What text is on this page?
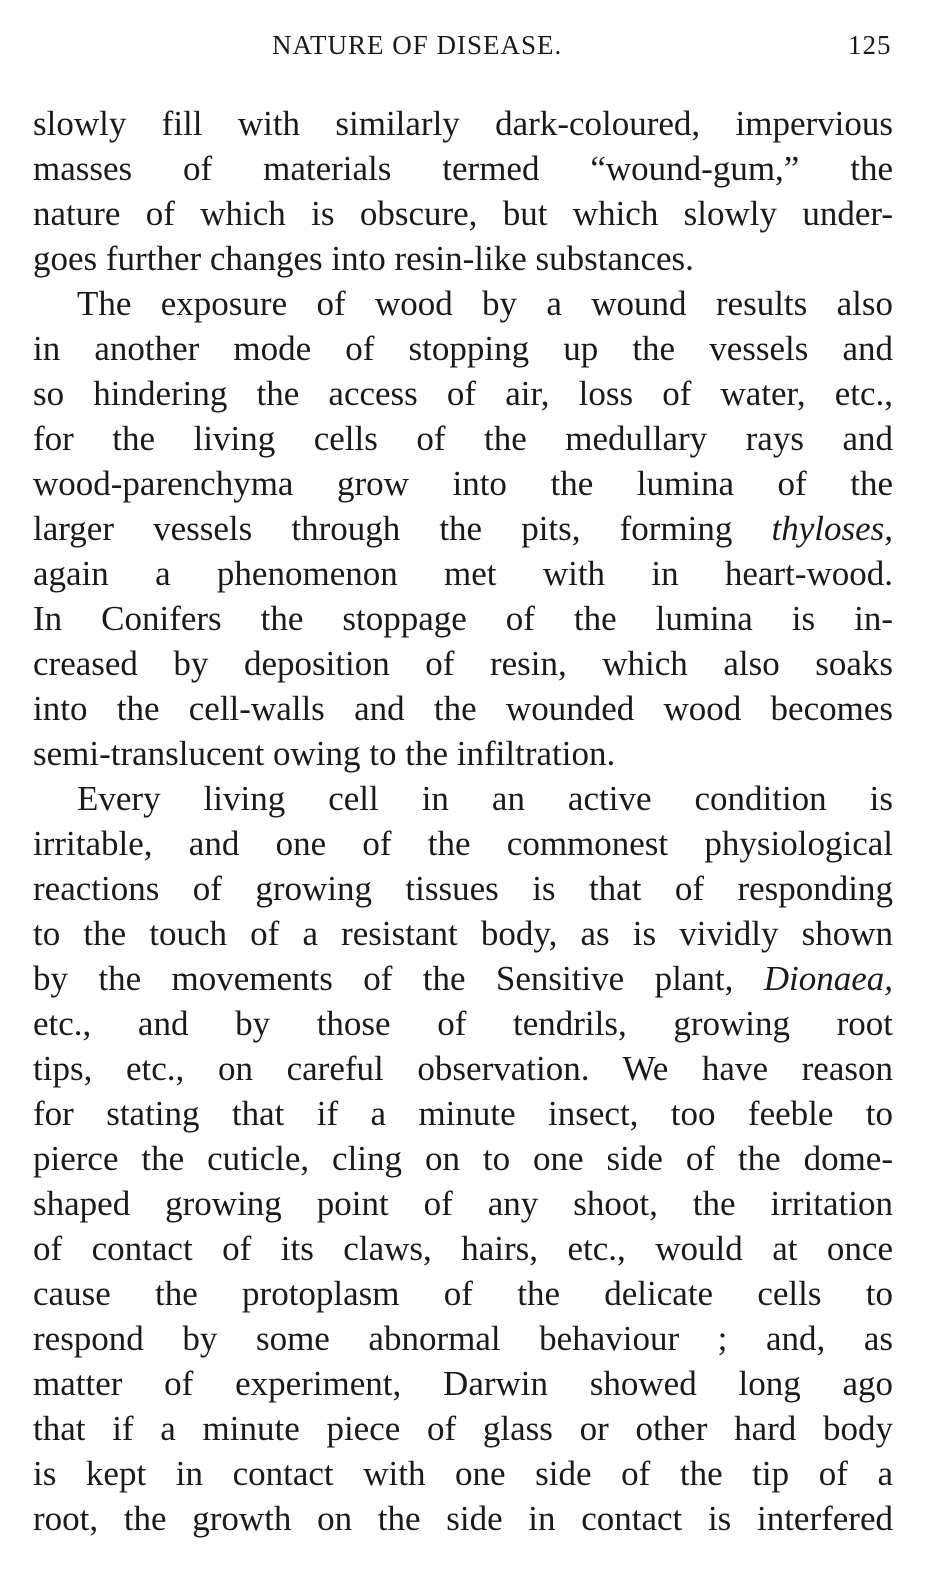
NATURE OF DISEASE.	125
slowly fill with similarly dark-coloured, impervious
masses of materials termed “wound-gum,” the
nature of which is obscure, but which slowly under-
goes further changes into resin-like substances.
The exposure of wood by a wound results also
in another mode of stopping up the vessels and
so hindering the access of air, loss of water, etc.,
for the living cells of the medullary rays and
wood-parenchyma grow into the lumina of the
larger vessels through the pits, forming thyloses,
again a phenomenon met with in heart-wood.
In Conifers the stoppage of the lumina is in-
creased by deposition of resin, which also soaks
into the cell-walls and the wounded wood becomes
semi-translucent owing to the infiltration.
Every living cell in an active condition is
irritable, and one of the commonest physiological
reactions of growing tissues is that of responding
to the touch of a resistant body, as is vividly shown
by the movements of the Sensitive plant, Dionaea,
etc., and by those of tendrils, growing root
tips, etc., on careful observation. We have reason
for stating that if a minute insect, too feeble to
pierce the cuticle, cling on to one side of the dome-
shaped growing point of any shoot, the irritation
of contact of its claws, hairs, etc., would at once
cause the protoplasm of the delicate cells to
respond by some abnormal behaviour ; and, as
matter of experiment, Darwin showed long ago
that if a minute piece of glass or other hard body
is kept in contact with one side of the tip of a
root, the growth on the side in contact is interfered
